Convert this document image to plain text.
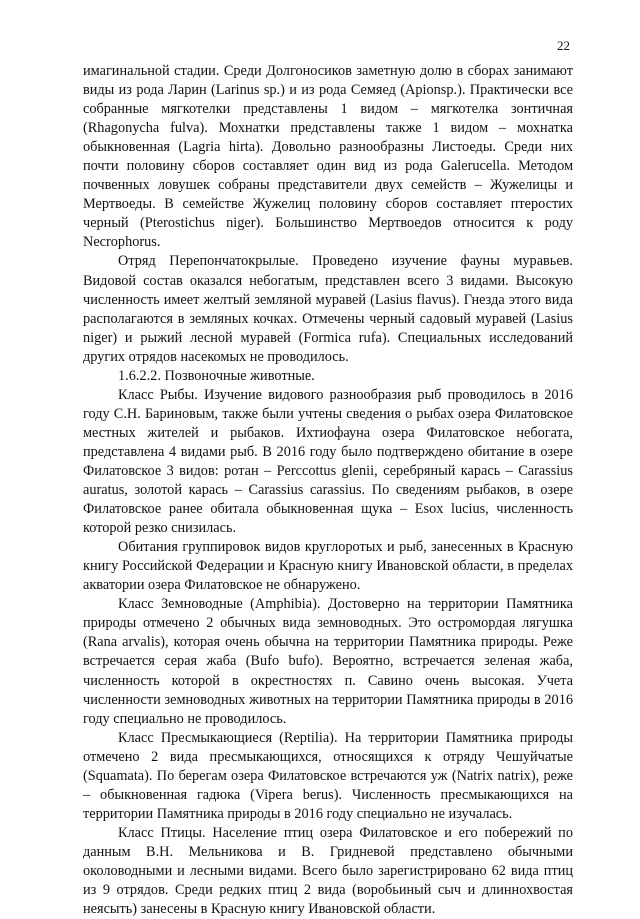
22

имагинальной стадии. Среди Долгоносиков заметную долю в сборах занимают виды из рода Ларин (Larinus sp.) и из рода Семяед (Apionsp.). Практически все собранные мягкотелки представлены 1 видом – мягкотелка зонтичная (Rhagonycha fulva). Мохнатки представлены также 1 видом – мохнатка обыкновенная (Lagria hirta). Довольно разнообразны Листоеды. Среди них почти половину сборов составляет один вид из рода Galerucella. Методом почвенных ловушек собраны представители двух семейств – Жужелицы и Мертвоеды. В семействе Жужелиц половину сборов составляет птеростих черный (Pterostichus niger). Большинство Мертвоедов относится к роду Necrophorus.

Отряд Перепончатокрылые. Проведено изучение фауны муравьев. Видовой состав оказался небогатым, представлен всего 3 видами. Высокую численность имеет желтый земляной муравей (Lasius flavus). Гнезда этого вида располагаются в земляных кочках. Отмечены черный садовый муравей (Lasius niger) и рыжий лесной муравей (Formica rufa). Специальных исследований других отрядов насекомых не проводилось.

1.6.2.2. Позвоночные животные.

Класс Рыбы. Изучение видового разнообразия рыб проводилось в 2016 году С.Н. Бариновым, также были учтены сведения о рыбах озера Филатовское местных жителей и рыбаков. Ихтиофауна озера Филатовское небогата, представлена 4 видами рыб. В 2016 году было подтверждено обитание в озере Филатовское 3 видов: ротан – Perccottus glenii, серебряный карась – Carassius auratus, золотой карась – Carassius carassius. По сведениям рыбаков, в озере Филатовское ранее обитала обыкновенная щука – Esox lucius, численность которой резко снизилась.

Обитания группировок видов круглоротых и рыб, занесенных в Красную книгу Российской Федерации и Красную книгу Ивановской области, в пределах акватории озера Филатовское не обнаружено.

Класс Земноводные (Amphibia). Достоверно на территории Памятника природы отмечено 2 обычных вида земноводных. Это остромордая лягушка (Rana arvalis), которая очень обычна на территории Памятника природы. Реже встречается серая жаба (Bufo bufo). Вероятно, встречается зеленая жаба, численность которой в окрестностях п. Савино очень высокая. Учета численности земноводных животных на территории Памятника природы в 2016 году специально не проводилось.

Класс Пресмыкающиеся (Reptilia). На территории Памятника природы отмечено 2 вида пресмыкающихся, относящихся к отряду Чешуйчатые (Squamata). По берегам озера Филатовское встречаются уж (Natrix natrix), реже – обыкновенная гадюка (Vipera berus). Численность пресмыкающихся на территории Памятника природы в 2016 году специально не изучалась.

Класс Птицы. Население птиц озера Филатовское и его побережий по данным В.Н. Мельникова и В. Гридневой представлено обычными околоводными и лесными видами. Всего было зарегистрировано 62 вида птиц из 9 отрядов. Среди редких птиц 2 вида (воробьиный сыч и длиннохвостая неясыть) занесены в Красную книгу Ивановской области.
